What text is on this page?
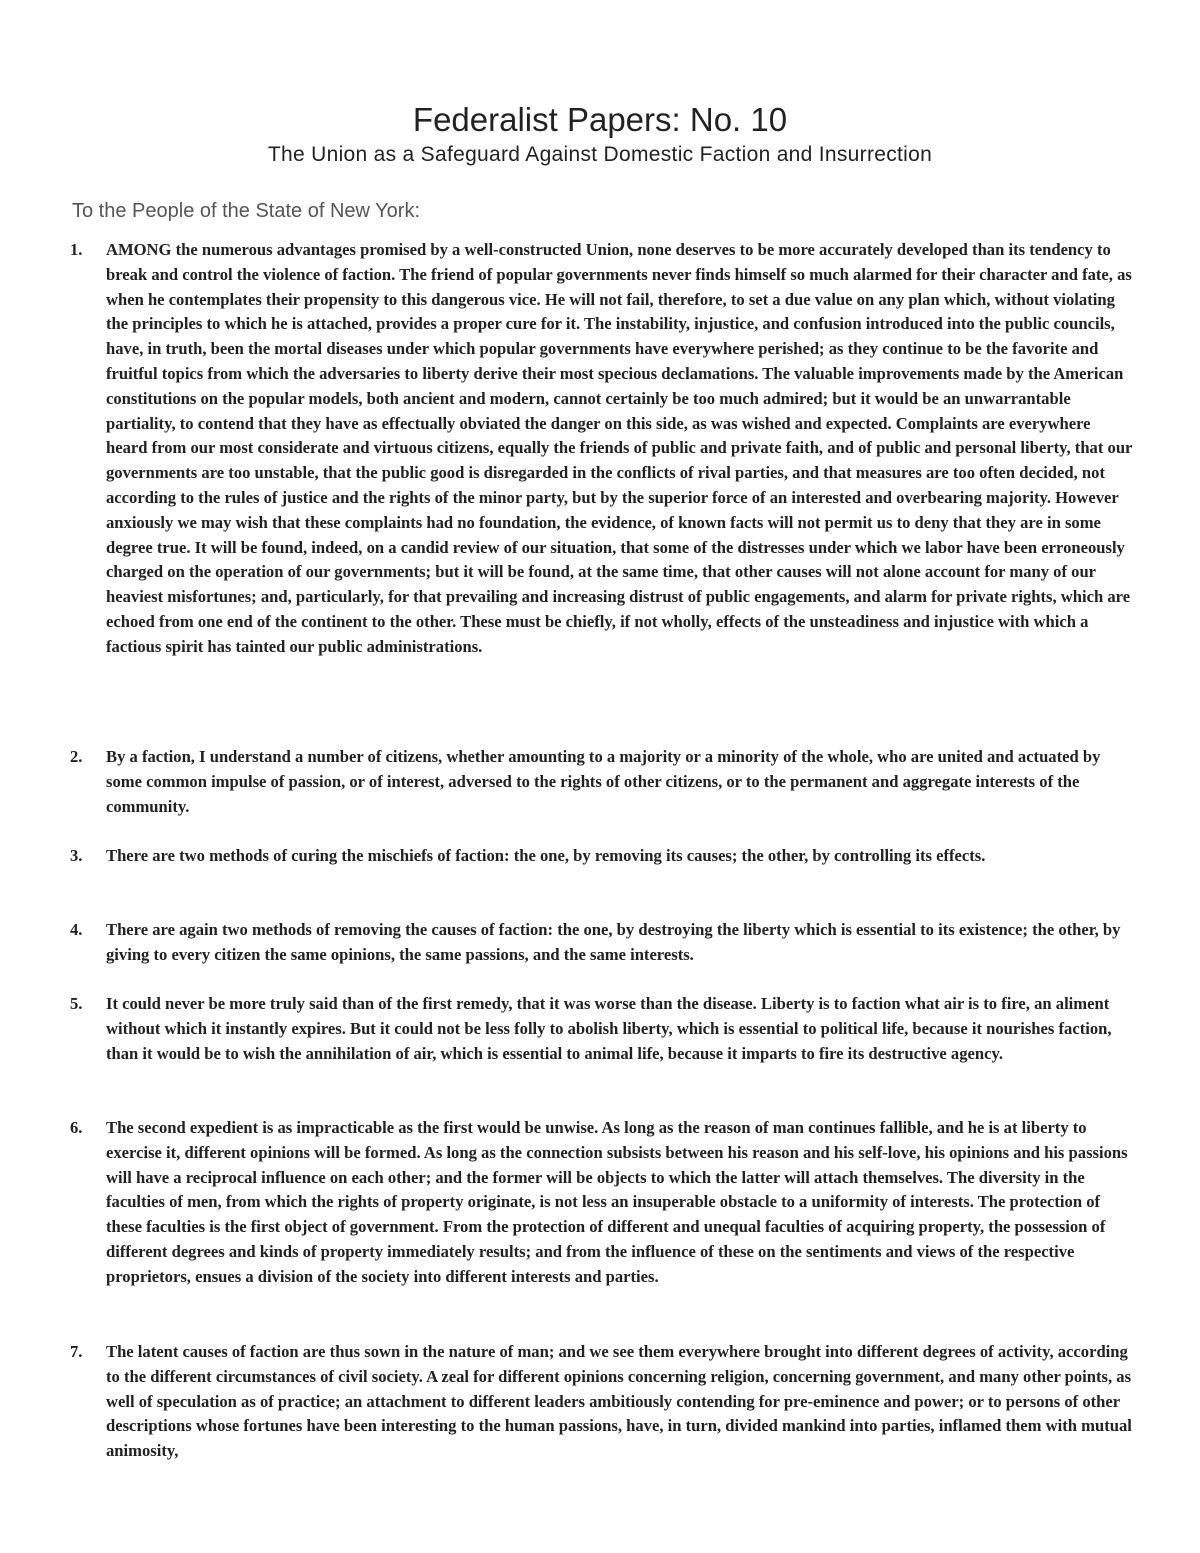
Federalist Papers: No. 10
The Union as a Safeguard Against Domestic Faction and Insurrection

To the People of the State of New York:

1.	AMONG the numerous advantages promised by a well-constructed Union, none deserves to be more accurately developed than its tendency to break and control the violence of faction. The friend of popular governments never finds himself so much alarmed for their character and fate, as when he contemplates their propensity to this dangerous vice. He will not fail, therefore, to set a due value on any plan which, without violating the principles to which he is attached, provides a proper cure for it. The instability, injustice, and confusion introduced into the public councils, have, in truth, been the mortal diseases under which popular governments have everywhere perished; as they continue to be the favorite and fruitful topics from which the adversaries to liberty derive their most specious declamations. The valuable improvements made by the American constitutions on the popular models, both ancient and modern, cannot certainly be too much admired; but it would be an unwarrantable partiality, to contend that they have as effectually obviated the danger on this side, as was wished and expected. Complaints are everywhere heard from our most considerate and virtuous citizens, equally the friends of public and private faith, and of public and personal liberty, that our governments are too unstable, that the public good is disregarded in the conflicts of rival parties, and that measures are too often decided, not according to the rules of justice and the rights of the minor party, but by the superior force of an interested and overbearing majority. However anxiously we may wish that these complaints had no foundation, the evidence, of known facts will not permit us to deny that they are in some degree true. It will be found, indeed, on a candid review of our situation, that some of the distresses under which we labor have been erroneously charged on the operation of our governments; but it will be found, at the same time, that other causes will not alone account for many of our heaviest misfortunes; and, particularly, for that prevailing and increasing distrust of public engagements, and alarm for private rights, which are echoed from one end of the continent to the other. These must be chiefly, if not wholly, effects of the unsteadiness and injustice with which a factious spirit has tainted our public administrations.
2.	By a faction, I understand a number of citizens, whether amounting to a majority or a minority of the whole, who are united and actuated by some common impulse of passion, or of interest, adversed to the rights of other citizens, or to the permanent and aggregate interests of the community.
3.	There are two methods of curing the mischiefs of faction: the one, by removing its causes; the other, by controlling its effects.
4.	There are again two methods of removing the causes of faction: the one, by destroying the liberty which is essential to its existence; the other, by giving to every citizen the same opinions, the same passions, and the same interests.
5.	It could never be more truly said than of the first remedy, that it was worse than the disease. Liberty is to faction what air is to fire, an aliment without which it instantly expires. But it could not be less folly to abolish liberty, which is essential to political life, because it nourishes faction, than it would be to wish the annihilation of air, which is essential to animal life, because it imparts to fire its destructive agency.
6.	The second expedient is as impracticable as the first would be unwise. As long as the reason of man continues fallible, and he is at liberty to exercise it, different opinions will be formed. As long as the connection subsists between his reason and his self-love, his opinions and his passions will have a reciprocal influence on each other; and the former will be objects to which the latter will attach themselves. The diversity in the faculties of men, from which the rights of property originate, is not less an insuperable obstacle to a uniformity of interests. The protection of these faculties is the first object of government. From the protection of different and unequal faculties of acquiring property, the possession of different degrees and kinds of property immediately results; and from the influence of these on the sentiments and views of the respective proprietors, ensues a division of the society into different interests and parties.
7.	The latent causes of faction are thus sown in the nature of man; and we see them everywhere brought into different degrees of activity, according to the different circumstances of civil society. A zeal for different opinions concerning religion, concerning government, and many other points, as well of speculation as of practice; an attachment to different leaders ambitiously contending for pre-eminence and power; or to persons of other descriptions whose fortunes have been interesting to the human passions, have, in turn, divided mankind into parties, inflamed them with mutual animosity,
